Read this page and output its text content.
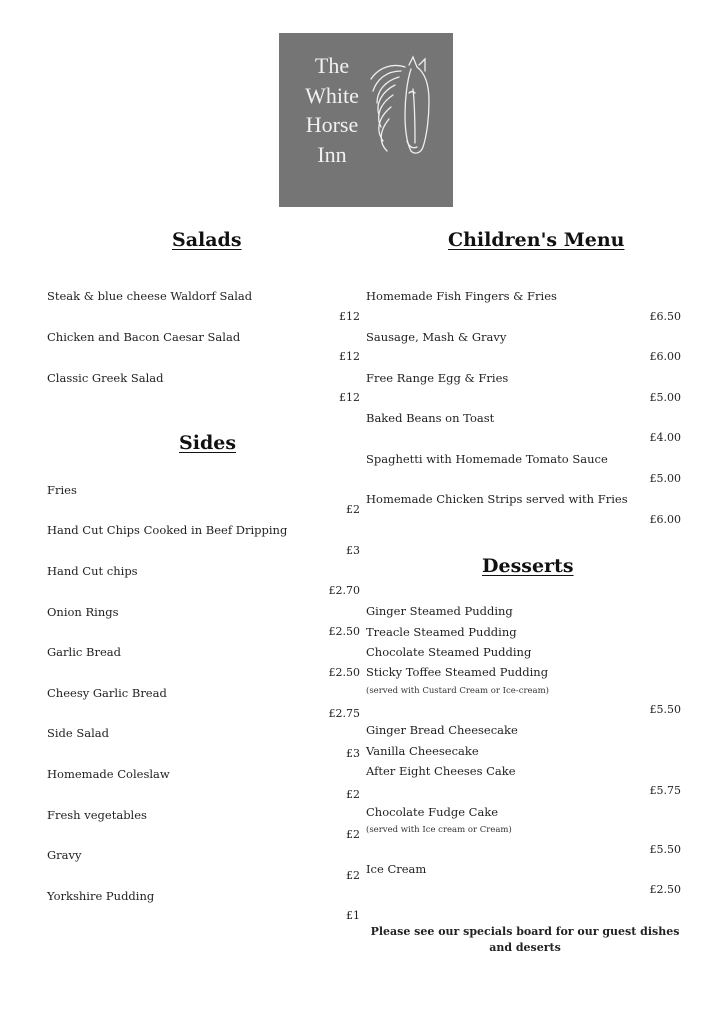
The
White
Horse
Inn
Salads
Steak & blue cheese Waldorf Salad
£12
Chicken and Bacon Caesar Salad
£12
Classic Greek Salad
£12
Sides
Fries
£2
Hand Cut Chips Cooked in Beef Dripping
£3
Hand Cut chips
£2.70
Onion Rings
£2.50
Garlic Bread
£2.50
Cheesy Garlic Bread
£2.75
Side Salad
£3
Homemade Coleslaw
£2
Fresh vegetables
£2
Gravy
£2
Yorkshire Pudding
£1
Children's Menu
Homemade Fish Fingers & Fries
£6.50
Sausage, Mash & Gravy
£6.00
Free Range Egg & Fries
£5.00
Baked Beans on Toast
£4.00
Spaghetti with Homemade Tomato Sauce
£5.00
Homemade Chicken Strips served with Fries
£6.00
Desserts
Ginger Steamed Pudding
Treacle Steamed Pudding
Chocolate Steamed Pudding
Sticky Toffee Steamed Pudding
(served with Custard Cream or Ice-cream)
£5.50
Ginger Bread Cheesecake
Vanilla Cheesecake
After Eight Cheeses Cake
£5.75
Chocolate Fudge Cake
(served with Ice cream or Cream)
£5.50
Ice Cream
£2.50
Please see our specials board for our guest dishes and deserts
